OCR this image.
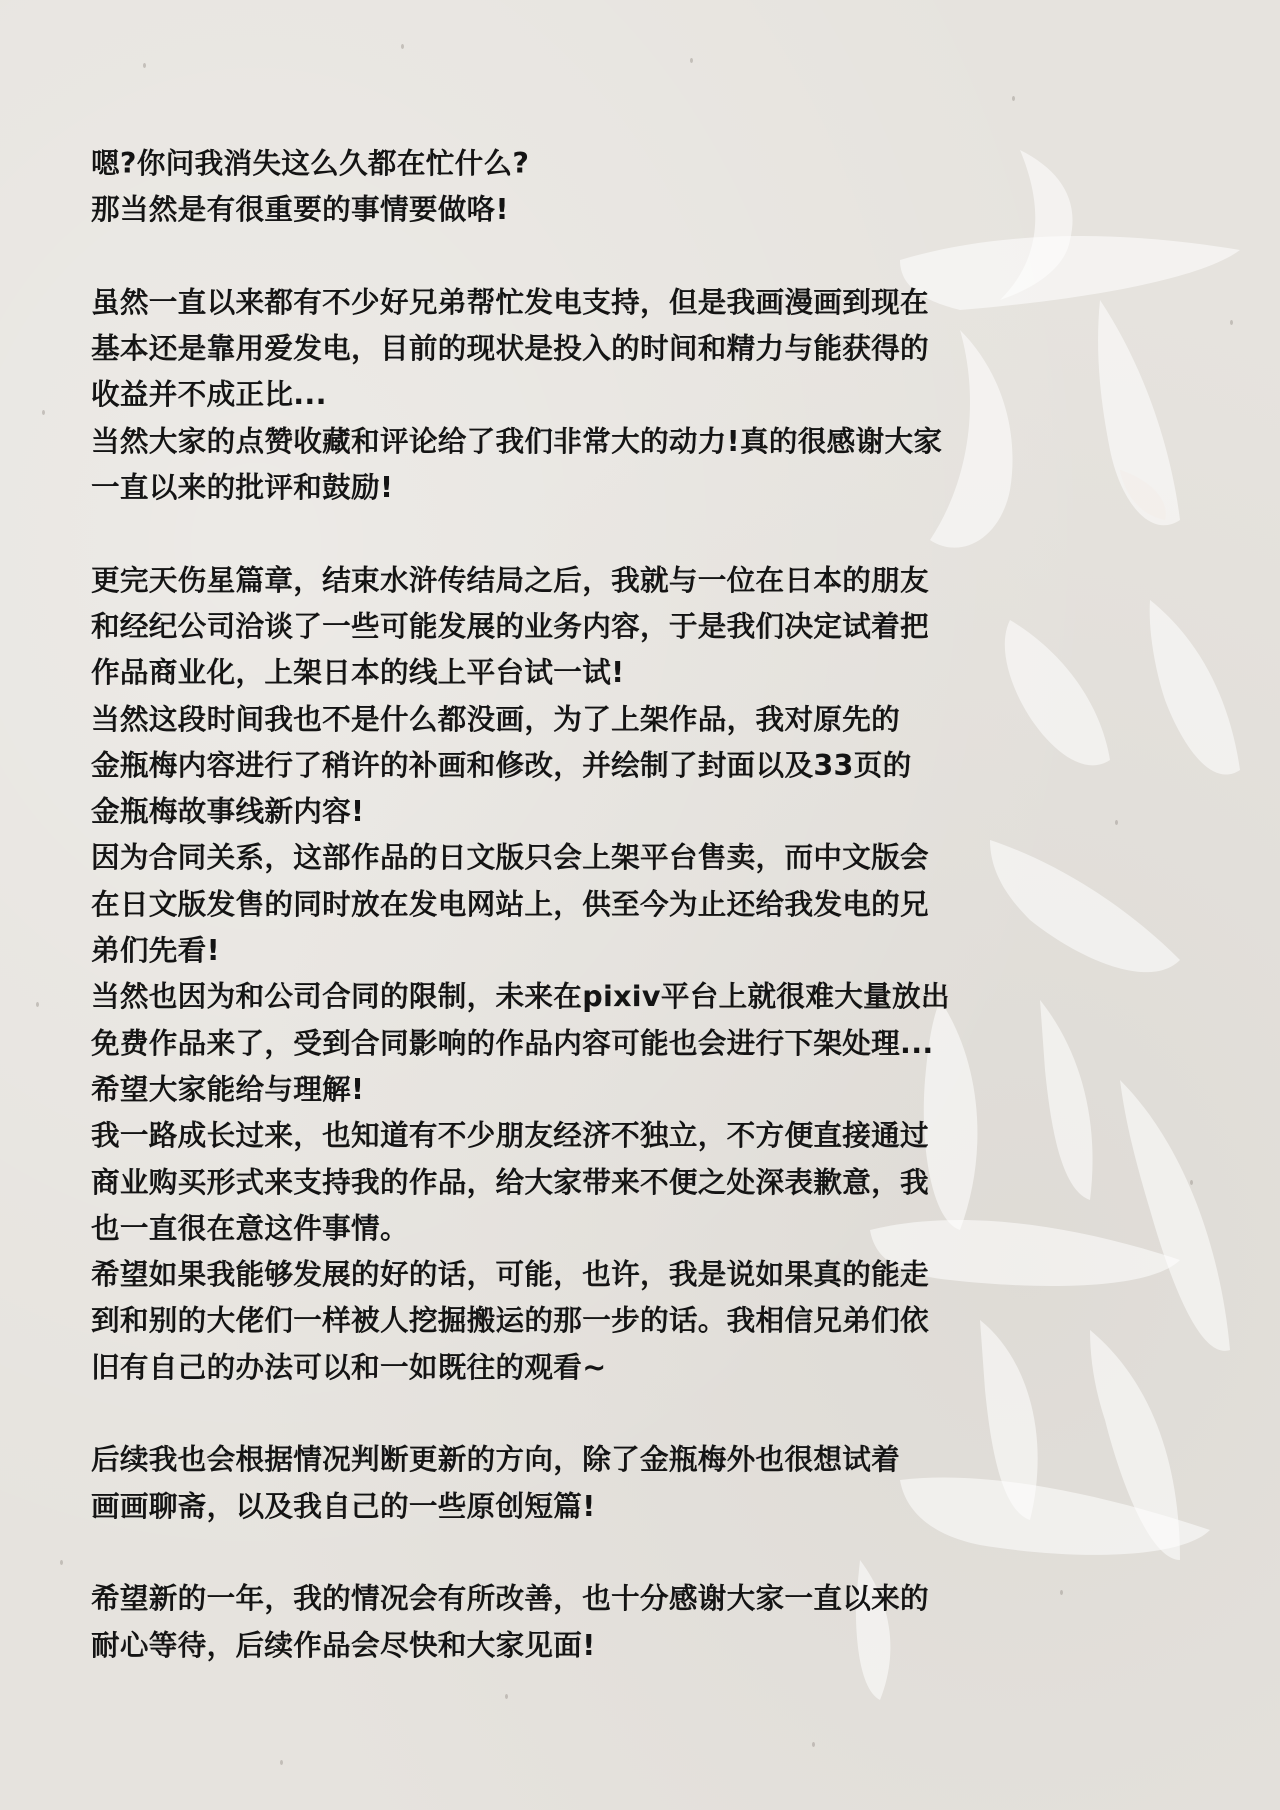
嗯?你问我消失这么久都在忙什么?
那当然是有很重要的事情要做咯!
虽然一直以来都有不少好兄弟帮忙发电支持，但是我画漫画到现在
基本还是靠用爱发电，目前的现状是投入的时间和精力与能获得的
收益并不成正比...
当然大家的点赞收藏和评论给了我们非常大的动力!真的很感谢大家
一直以来的批评和鼓励!
更完天伤星篇章，结束水浒传结局之后，我就与一位在日本的朋友
和经纪公司洽谈了一些可能发展的业务内容，于是我们决定试着把
作品商业化，上架日本的线上平台试一试!
当然这段时间我也不是什么都没画，为了上架作品，我对原先的
金瓶梅内容进行了稍许的补画和修改，并绘制了封面以及33页的
金瓶梅故事线新内容!
因为合同关系，这部作品的日文版只会上架平台售卖，而中文版会
在日文版发售的同时放在发电网站上，供至今为止还给我发电的兄
弟们先看!
当然也因为和公司合同的限制，未来在pixiv平台上就很难大量放出
免费作品来了，受到合同影响的作品内容可能也会进行下架处理...
希望大家能给与理解!
我一路成长过来，也知道有不少朋友经济不独立，不方便直接通过
商业购买形式来支持我的作品，给大家带来不便之处深表歉意，我
也一直很在意这件事情。
希望如果我能够发展的好的话，可能，也许，我是说如果真的能走
到和别的大佬们一样被人挖掘搬运的那一步的话。我相信兄弟们依
旧有自己的办法可以和一如既往的观看~
后续我也会根据情况判断更新的方向，除了金瓶梅外也很想试着
画画聊斋，以及我自己的一些原创短篇!
希望新的一年，我的情况会有所改善，也十分感谢大家一直以来的
耐心等待，后续作品会尽快和大家见面!
